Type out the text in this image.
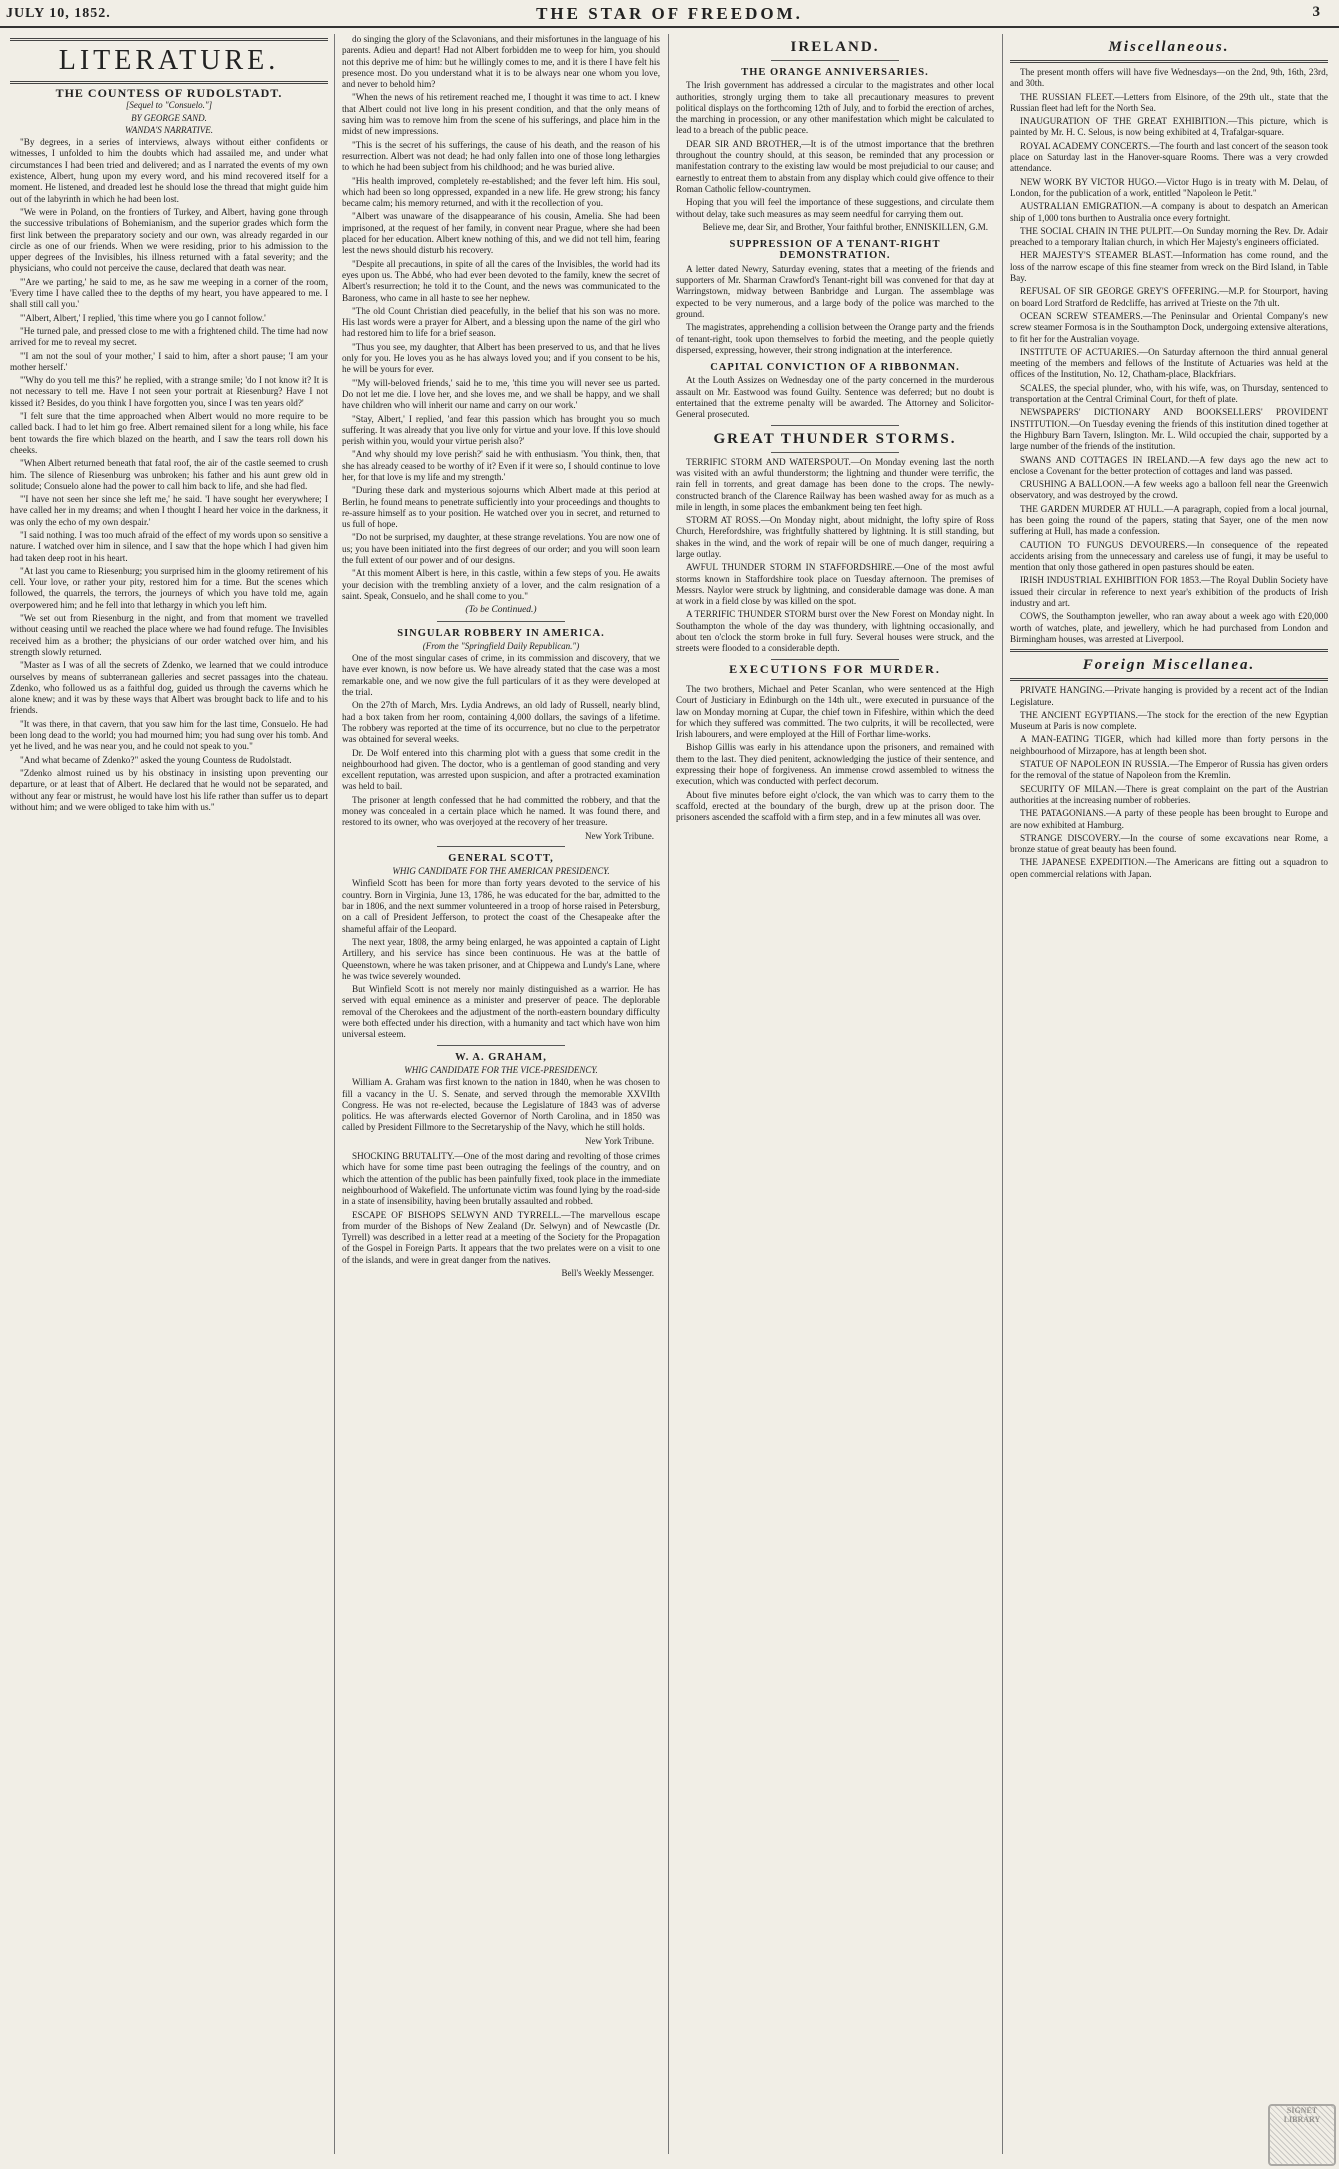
JULY 10, 1852.	THE STAR OF FREEDOM.	3
LITERATURE.
THE COUNTESS OF RUDOLSTADT.
[Sequel to "Consuelo."]
BY GEORGE SAND.
WANDA'S NARRATIVE.

"By degrees, in a series of interviews, always without either confidents or witnesses, I unfolded to him the doubts which had assailed me, and under what circumstances I had been tried and delivered; and as I narrated the events of my own existence, Albert, hung upon my every word, and his mind recovered itself for a moment. He listened, and dreaded lest he should lose the thread that might guide him out of the labyrinth in which he had been lost.

"We were in Poland, on the frontiers of Turkey, and Albert, having gone through the successive tribulations of Bohemianism, and the superior grades which form the first link between the preparatory society and our own, was already regarded in our circle as one of our friends. When we were residing, prior to his admission to the upper degrees of the Invisibles, his illness returned with a fatal severity; and the physicians, who could not perceive the cause, declared that death was near.

"'Are we parting,' he said to me, as he saw me weeping in a corner of the room, 'Every time I have called thee to the depths of my heart, you have appeared to me. I shall still call you.'

"'Albert, Albert,' I replied, 'this time where you go I cannot follow.'

"He turned pale, and pressed close to me with a frightened child. The time had now arrived for me to reveal my secret.

"'I am not the soul of your mother,' I said to him, after a short pause; 'I am your mother herself.'

"'Why do you tell me this?' he replied, with a strange smile; 'do I not know it? It is not necessary to tell me. Have I not seen your portrait at Riesenburg? Have I not kissed it? Besides, do you think I have forgotten you, since I was ten years old?'

"I felt sure that the time approached when Albert would no more require to be called back. I had to let him go free. Albert remained silent for a long while, his face bent towards the fire which blazed on the hearth, and I saw the tears roll down his cheeks.

"When Albert returned beneath that fatal roof, the air of the castle seemed to crush him. The silence of Riesenburg was unbroken; his father and his aunt grew old in solitude; Consuelo alone had the power to call him back to life, and she had fled.

"'I have not seen her since she left me,' he said. 'I have sought her everywhere; I have called her in my dreams; and when I thought I heard her voice in the darkness, it was only the echo of my own despair.'

"I said nothing. I was too much afraid of the effect of my words upon so sensitive a nature. I watched over him in silence, and I saw that the hope which I had given him had taken deep root in his heart.

"At last you came to Riesenburg; you surprised him in the gloomy retirement of his cell. Your love, or rather your pity, restored him for a time. But the scenes which followed, the quarrels, the terrors, the journeys of which you have told me, again overpowered him; and he fell into that lethargy in which you left him.

"We set out from Riesenburg in the night, and from that moment we travelled without ceasing until we reached the place where we had found refuge. The Invisibles received him as a brother; the physicians of our order watched over him, and his strength slowly returned.

"Master as I was of all the secrets of Zdenko, we learned that we could introduce ourselves by means of subterranean galleries and secret passages into the chateau. Zdenko, who followed us as a faithful dog, guided us through the caverns which he alone knew; and it was by these ways that Albert was brought back to life and to his friends.

"It was there, in that cavern, that you saw him for the last time, Consuelo. He had been long dead to the world; you had mourned him; you had sung over his tomb. And yet he lived, and he was near you, and he could not speak to you."

"And what became of Zdenko?" asked the young Countess de Rudolstadt.

"Zdenko almost ruined us by his obstinacy in insisting upon preventing our departure, or at least that of Albert. He declared that he would not be separated, and without any fear or mistrust, he would have lost his life rather than suffer us to depart without him; and we were obliged to take him with us."

do singing the glory of the Sclavonians, and their misfortunes in the language of his parents. Adieu and depart! Had not Albert forbidden me to weep for him, you should not this deprive me of him: but he willingly comes to me, and it is there I have felt his presence most. Do you understand what it is to be always near one whom you love, and never to behold him?

"When the news of his retirement reached me, I thought it was time to act. I knew that Albert could not live long in his present condition, and that the only means of saving him was to remove him from the scene of his sufferings, and place him in the midst of new impressions.

"This is the secret of his sufferings, the cause of his death, and the reason of his resurrection. Albert was not dead; he had only fallen into one of those long lethargies to which he had been subject from his childhood; and he was buried alive.

"His health improved, completely re-established; and the fever left him. His soul, which had been so long oppressed, expanded in a new life. He grew strong; his fancy became calm; his memory returned, and with it the recollection of you.

"Albert was unaware of the disappearance of his cousin, Amelia. She had been imprisoned, at the request of her family, in convent near Prague, where she had been placed for her education. Albert knew nothing of this, and we did not tell him, fearing lest the news should disturb his recovery.

"Despite all precautions, in spite of all the cares of the Invisibles, the world had its eyes upon us. The Abbé, who had ever been devoted to the family, knew the secret of Albert's resurrection; he told it to the Count, and the news was communicated to the Baroness, who came in all haste to see her nephew.

"The old Count Christian died peacefully, in the belief that his son was no more. His last words were a prayer for Albert, and a blessing upon the name of the girl who had restored him to life for a brief season.

"Thus you see, my daughter, that Albert has been preserved to us, and that he lives only for you. He loves you as he has always loved you; and if you consent to be his, he will be yours for ever.

"'My will-beloved friends,' said he to me, 'this time you will never see us parted. Do not let me die. I love her, and she loves me, and we shall be happy, and we shall have children who will inherit our name and carry on our work.'

"Stay, Albert,' I replied, 'and fear this passion which has brought you so much suffering. It was already that you live only for virtue and your love. If this love should perish within you, would your virtue perish also?'

"And why should my love perish?' said he with enthusiasm. 'You think, then, that she has already ceased to be worthy of it? Even if it were so, I should continue to love her, for that love is my life and my strength.'

"During these dark and mysterious sojourns which Albert made at this period at Berlin, he found means to penetrate sufficiently into your proceedings and thoughts to re-assure himself as to your position. He watched over you in secret, and returned to us full of hope.

"Do not be surprised, my daughter, at these strange revelations. You are now one of us; you have been initiated into the first degrees of our order; and you will soon learn the full extent of our power and of our designs.

"At this moment Albert is here, in this castle, within a few steps of you. He awaits your decision with the trembling anxiety of a lover, and the calm resignation of a saint. Speak, Consuelo, and he shall come to you."

(To be Continued.)
SINGULAR ROBBERY IN AMERICA.
(From the "Springfield Daily Republican.")

One of the most singular cases of crime, in its commission and discovery, that we have ever known, is now before us. We have already stated that the case was a most remarkable one, and we now give the full particulars of it as they were developed at the trial.

On the 27th of March, Mrs. Lydia Andrews, an old lady of Russell, nearly blind, had a box taken from her room, containing 4,000 dollars, the savings of a lifetime. The robbery was reported at the time of its occurrence, but no clue to the perpetrator was obtained for several weeks.

Dr. De Wolf entered into this charming plot with a guess that some credit in the neighbourhood had given. The doctor, who is a gentleman of good standing and very excellent reputation, was arrested upon suspicion, and after a protracted examination was held to bail.

The prisoner at length confessed that he had committed the robbery, and that the money was concealed in a certain place which he named. It was found there, and restored to its owner, who was overjoyed at the recovery of her treasure.

New York Tribune.
GENERAL SCOTT,
WHIG CANDIDATE FOR THE AMERICAN PRESIDENCY.

Winfield Scott has been for more than forty years devoted to the service of his country. Born in Virginia, June 13, 1786, he was educated for the bar, admitted to the bar in 1806, and the next summer volunteered in a troop of horse raised in Petersburg, on a call of President Jefferson, to protect the coast of the Chesapeake after the shameful affair of the Leopard.

The next year, 1808, the army being enlarged, he was appointed a captain of Light Artillery, and his service has since been continuous. He was at the battle of Queenstown, where he was taken prisoner, and at Chippewa and Lundy's Lane, where he was twice severely wounded.

But Winfield Scott is not merely nor mainly distinguished as a warrior. He has served with equal eminence as a minister and preserver of peace. The deplorable removal of the Cherokees and the adjustment of the north-eastern boundary difficulty were both effected under his direction, with a humanity and tact which have won him universal esteem.

W. A. GRAHAM,
WHIG CANDIDATE FOR THE VICE-PRESIDENCY.

William A. Graham was first known to the nation in 1840, when he was chosen to fill a vacancy in the U. S. Senate, and served through the memorable XXVIIth Congress. He was not re-elected, because the Legislature of 1843 was of adverse politics. He was afterwards elected Governor of North Carolina, and in 1850 was called by President Fillmore to the Secretaryship of the Navy, which he still holds.

New York Tribune.

SHOCKING BRUTALITY.—One of the most daring and revolting of those crimes which have for some time past been outraging the feelings of the country, and on which the attention of the public has been painfully fixed, took place in the immediate neighbourhood of Wakefield. The unfortunate victim was found lying by the road-side in a state of insensibility, having been brutally assaulted and robbed.

ESCAPE OF BISHOPS SELWYN AND TYRRELL.—The marvellous escape from murder of the Bishops of New Zealand (Dr. Selwyn) and of Newcastle (Dr. Tyrrell) was described in a letter read at a meeting of the Society for the Propagation of the Gospel in Foreign Parts. It appears that the two prelates were on a visit to one of the islands, and were in great danger from the natives.

Bell's Weekly Messenger.
IRELAND.
THE ORANGE ANNIVERSARIES.

The Irish government has addressed a circular to the magistrates and other local authorities, strongly urging them to take all precautionary measures to prevent political displays on the forthcoming 12th of July, and to forbid the erection of arches, the marching in procession, or any other manifestation which might be calculated to lead to a breach of the public peace.

DEAR SIR AND BROTHER,—It is of the utmost importance that the brethren throughout the country should, at this season, be reminded that any procession or manifestation contrary to the existing law would be most prejudicial to our cause; and earnestly to entreat them to abstain from any display which could give offence to their Roman Catholic fellow-countrymen.

Hoping that you will feel the importance of these suggestions, and circulate them without delay, take such measures as may seem needful for carrying them out.

Believe me, dear Sir, and Brother, Your faithful brother, ENNISKILLEN, G.M.
SUPPRESSION OF A TENANT-RIGHT DEMONSTRATION.

A letter dated Newry, Saturday evening, states that a meeting of the friends and supporters of Mr. Sharman Crawford's Tenant-right bill was convened for that day at Warringstown, midway between Banbridge and Lurgan. The assemblage was expected to be very numerous, and a large body of the police was marched to the ground.

The magistrates, apprehending a collision between the Orange party and the friends of tenant-right, took upon themselves to forbid the meeting, and the people quietly dispersed, expressing, however, their strong indignation at the interference.

CAPITAL CONVICTION OF A RIBBONMAN.

At the Louth Assizes on Wednesday one of the party concerned in the murderous assault on Mr. Eastwood was found Guilty. Sentence was deferred; but no doubt is entertained that the extreme penalty will be awarded. The Attorney and Solicitor-General prosecuted.

GREAT THUNDER STORMS.

TERRIFIC STORM AND WATERSPOUT.—On Monday evening last the north was visited with an awful thunderstorm; the lightning and thunder were terrific, the rain fell in torrents, and great damage has been done to the crops. The newly-constructed branch of the Clarence Railway has been washed away for as much as a mile in length, in some places the embankment being ten feet high.

STORM AT ROSS.—On Monday night, about midnight, the lofty spire of Ross Church, Herefordshire, was frightfully shattered by lightning. It is still standing, but shakes in the wind, and the work of repair will be one of much danger, requiring a large outlay.

AWFUL THUNDER STORM IN STAFFORDSHIRE.—One of the most awful storms known in Staffordshire took place on Tuesday afternoon. The premises of Messrs. Naylor were struck by lightning, and considerable damage was done. A man at work in a field close by was killed on the spot.

A TERRIFIC THUNDER STORM burst over the New Forest on Monday night. In Southampton the whole of the day was thundery, with lightning occasionally, and about ten o'clock the storm broke in full fury. Several houses were struck, and the streets were flooded to a considerable depth.

EXECUTIONS FOR MURDER.

The two brothers, Michael and Peter Scanlan, who were sentenced at the High Court of Justiciary in Edinburgh on the 14th ult., were executed in pursuance of the law on Monday morning at Cupar, the chief town in Fifeshire, within which the deed for which they suffered was committed. The two culprits, it will be recollected, were Irish labourers, and were employed at the Hill of Forthar lime-works.

Bishop Gillis was early in his attendance upon the prisoners, and remained with them to the last. They died penitent, acknowledging the justice of their sentence, and expressing their hope of forgiveness. An immense crowd assembled to witness the execution, which was conducted with perfect decorum.

About five minutes before eight o'clock, the van which was to carry them to the scaffold, erected at the boundary of the burgh, drew up at the prison door. The prisoners ascended the scaffold with a firm step, and in a few minutes all was over.

Miscellaneous.

The present month offers will have five Wednesdays—on the 2nd, 9th, 16th, 23rd, and 30th.

THE RUSSIAN FLEET.—Letters from Elsinore, of the 29th ult., state that the Russian fleet had left for the North Sea.

INAUGURATION OF THE GREAT EXHIBITION.—This picture, which is painted by Mr. H. C. Selous, is now being exhibited at 4, Trafalgar-square.

ROYAL ACADEMY CONCERTS.—The fourth and last concert of the season took place on Saturday last in the Hanover-square Rooms. There was a very crowded attendance.

NEW WORK BY VICTOR HUGO.—Victor Hugo is in treaty with M. Delau, of London, for the publication of a work, entitled "Napoleon le Petit."

AUSTRALIAN EMIGRATION.—A company is about to despatch an American ship of 1,000 tons burthen to Australia once every fortnight.

THE SOCIAL CHAIN IN THE PULPIT.—On Sunday morning the Rev. Dr. Adair preached to a temporary Italian church, in which Her Majesty's engineers officiated.

HER MAJESTY'S STEAMER BLAST.—Information has come round, and the loss of the narrow escape of this fine steamer from wreck on the Bird Island, in Table Bay.

REFUSAL OF SIR GEORGE GREY'S OFFERING.—M.P. for Stourport, having on board Lord Stratford de Redcliffe, has arrived at Trieste on the 7th ult.

OCEAN SCREW STEAMERS.—The Peninsular and Oriental Company's new screw steamer Formosa is in the Southampton Dock, undergoing extensive alterations, to fit her for the Australian voyage.

INSTITUTE OF ACTUARIES.—On Saturday afternoon the third annual general meeting of the members and fellows of the Institute of Actuaries was held at the offices of the Institution, No. 12, Chatham-place, Blackfriars.

SCALES, the special plunder, who, with his wife, was, on Thursday, sentenced to transportation at the Central Criminal Court, for theft of plate.

NEWSPAPERS' DICTIONARY AND BOOKSELLERS' PROVIDENT INSTITUTION.—On Tuesday evening the friends of this institution dined together at the Highbury Barn Tavern, Islington. Mr. L. Wild occupied the chair, supported by a large number of the friends of the institution.

SWANS AND COTTAGES IN IRELAND.—A few days ago the new act to enclose a Covenant for the better protection of cottages and land was passed.

CRUSHING A BALLOON.—A few weeks ago a balloon fell near the Greenwich observatory, and was destroyed by the crowd.

THE GARDEN MURDER AT HULL.—A paragraph, copied from a local journal, has been going the round of the papers, stating that Sayer, one of the men now suffering at Hull, has made a confession.

CAUTION TO FUNGUS DEVOURERS.—In consequence of the repeated accidents arising from the unnecessary and careless use of fungi, it may be useful to mention that only those gathered in open pastures should be eaten.

IRISH INDUSTRIAL EXHIBITION FOR 1853.—The Royal Dublin Society have issued their circular in reference to next year's exhibition of the products of Irish industry and art.

COWS, the Southampton jeweller, who ran away about a week ago with £20,000 worth of watches, plate, and jewellery, which he had purchased from London and Birmingham houses, was arrested at Liverpool.

Foreign Miscellanea.

PRIVATE HANGING.—Private hanging is provided by a recent act of the Indian Legislature.

THE ANCIENT EGYPTIANS.—The stock for the erection of the new Egyptian Museum at Paris is now complete.

A MAN-EATING TIGER, which had killed more than forty persons in the neighbourhood of Mirzapore, has at length been shot.

STATUE OF NAPOLEON IN RUSSIA.—The Emperor of Russia has given orders for the removal of the statue of Napoleon from the Kremlin.

SECURITY OF MILAN.—There is great complaint on the part of the Austrian authorities at the increasing number of robberies.

THE PATAGONIANS.—A party of these people has been brought to Europe and are now exhibited at Hamburg.

STRANGE DISCOVERY.—In the course of some excavations near Rome, a bronze statue of great beauty has been found.

THE JAPANESE EXPEDITION.—The Americans are fitting out a squadron to open commercial relations with Japan.

SIGNET LIBRARY
